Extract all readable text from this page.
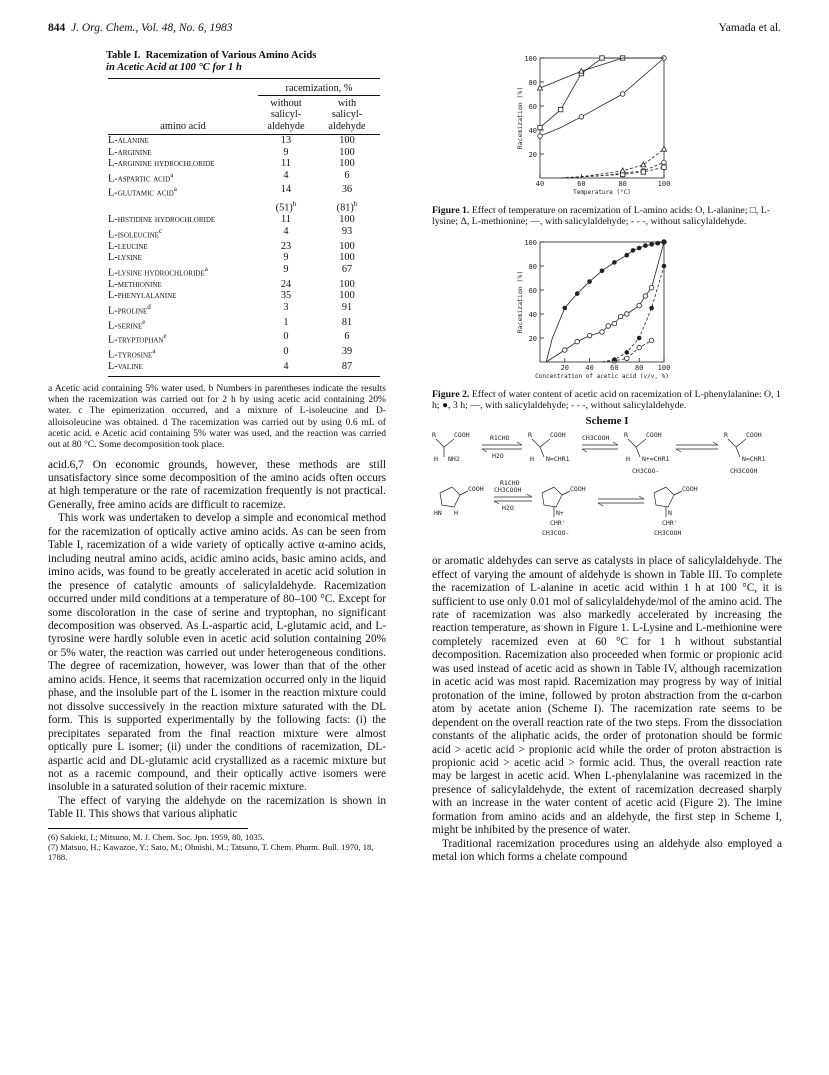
844 J. Org. Chem., Vol. 48, No. 6, 1983	Yamada et al.
Table I. Racemization of Various Amino Acids
in Acetic Acid at 100 °C for 1 h

	racemization, %	
	without	with
	salicyl-	salicyl-
amino acid	aldehyde	aldehyde

L-alanine	13	100
L-arginine	9	100
L-arginine hydrochloride	11	100
L-aspartic acid$^a$	4	6
L-glutamic acid$^a$	14	36
	$(51)^b$	$(81)^b$
L-histidine hydrochloride	11	100
L-isoleucine$^c$	4	93
L-leucine	23	100
L-lysine	9	100
L-lysine hydrochloride$^a$	9	67
L-methionine	24	100
L-phenylalanine	35	100
L-proline$^d$	3	91
L-serine$^e$	1	81
L-tryptophan$^e$	0	6
L-tyrosine$^a$	0	39
L-valine	4	87

a Acetic acid containing 5% water used. b Numbers in parentheses indicate the results when the racemization was carried out for 2 h by using acetic acid containing 20% water. c The epimerization occurred, and a mixture of L-isoleucine and D-alloisoleucine was obtained. d The racemization was carried out by using 0.6 mL of acetic acid. e Acetic acid containing 5% water was used, and the reaction was carried out at 80 °C. Some decomposition took place.

acid.6,7 On economic grounds, however, these methods are still unsatisfactory since some decomposition of the amino acids often occurs at high temperature or the rate of racemization frequently is not practical. Generally, free amino acids are difficult to racemize.

This work was undertaken to develop a simple and economical method for the racemization of optically active amino acids. As can be seen from Table I, racemization of a wide variety of optically active α-amino acids, including neutral amino acids, acidic amino acids, basic amino acids, and imino acids, was found to be greatly accelerated in acetic acid solution in the presence of catalytic amounts of salicylaldehyde. Racemization occurred under mild conditions at a temperature of 80–100 °C. Except for some discoloration in the case of serine and tryptophan, no significant decomposition was observed. As L-aspartic acid, L-glutamic acid, and L-tyrosine were hardly soluble even in acetic acid solution containing 20% or 5% water, the reaction was carried out under heterogeneous conditions. The degree of racemization, however, was lower than that of the other amino acids. Hence, it seems that racemization occurred only in the liquid phase, and the insoluble part of the L isomer in the reaction mixture could not dissolve successively in the reaction mixture saturated with the DL form. This is supported experimentally by the following facts: (i) the precipitates separated from the final reaction mixture were almost optically pure L isomer; (ii) under the conditions of racemization, DL-aspartic acid and DL-glutamic acid crystallized as a racemic mixture but not as a racemic compound, and their optically active isomers were insoluble in a saturated solution of their racemic mixture.

The effect of varying the aldehyde on the racemization is shown in Table II. This shows that various aliphatic

(6) Sakieki, I.; Mitsuno, M. J. Chem. Soc. Jpn. 1959, 80, 1035.
(7) Matsuo, H.; Kawazoe, Y.; Sato, M.; Ohnishi, M.; Tatsuno, T. Chem. Pharm. Bull. 1970, 18, 1788.
20
40
60
80
100
40	60	80	100
Temperature (°C)
Racemization (%)
Figure 1. Effect of temperature on racemization of L-amino acids: O, L-alanine; □, L-lysine; Δ, L-methionine; —, with salicylaldehyde; - - -, without salicylaldehyde.
20
40
60
80
100
20 40 60 80 100
Concentration of acetic acid (v/v, %)
Racemization (%)
Figure 2. Effect of water content of acetic acid on racemization of L-phenylalanine: O, 1 h; ●, 3 h; —, with salicylaldehyde; - - -, without salicylaldehyde.
Scheme I
R	COOH
H NH2
R1CHO
H2O
R	COOH
H N=CHR1
CH3COOH R	COOH
H N+=CHR1
CH3COO-
R	COOH
N=CHR1
CH3COOH
COOH
HN H
R1CHO
CH3COOH
H2O
COOH
N+
CHR'
CH3COO-
COOH
N
CHR'
CH3COOH

or aromatic aldehydes can serve as catalysts in place of salicylaldehyde. The effect of varying the amount of aldehyde is shown in Table III. To complete the racemization of L-alanine in acetic acid within 1 h at 100 °C, it is sufficient to use only 0.01 mol of salicylaldehyde/mol of the amino acid. The rate of racemization was also markedly accelerated by increasing the reaction temperature, as shown in Figure 1. L-Lysine and L-methionine were completely racemized even at 60 °C for 1 h without substantial decomposition. Racemization also proceeded when formic or propionic acid was used instead of acetic acid as shown in Table IV, although racemization in acetic acid was most rapid. Racemization may progress by way of initial protonation of the imine, followed by proton abstraction from the α-carbon atom by acetate anion (Scheme I). The racemization rate seems to be dependent on the overall reaction rate of the two steps. From the dissociation constants of the aliphatic acids, the order of protonation should be formic acid > acetic acid > propionic acid while the order of proton abstraction is propionic acid > acetic acid > formic acid. Thus, the overall reaction rate may be largest in acetic acid. When L-phenylalanine was racemized in the presence of salicylaldehyde, the extent of racemization decreased sharply with an increase in the water content of acetic acid (Figure 2). The imine formation from amino acids and an aldehyde, the first step in Scheme I, might be inhibited by the presence of water.

Traditional racemization procedures using an aldehyde also employed a metal ion which forms a chelate compound
